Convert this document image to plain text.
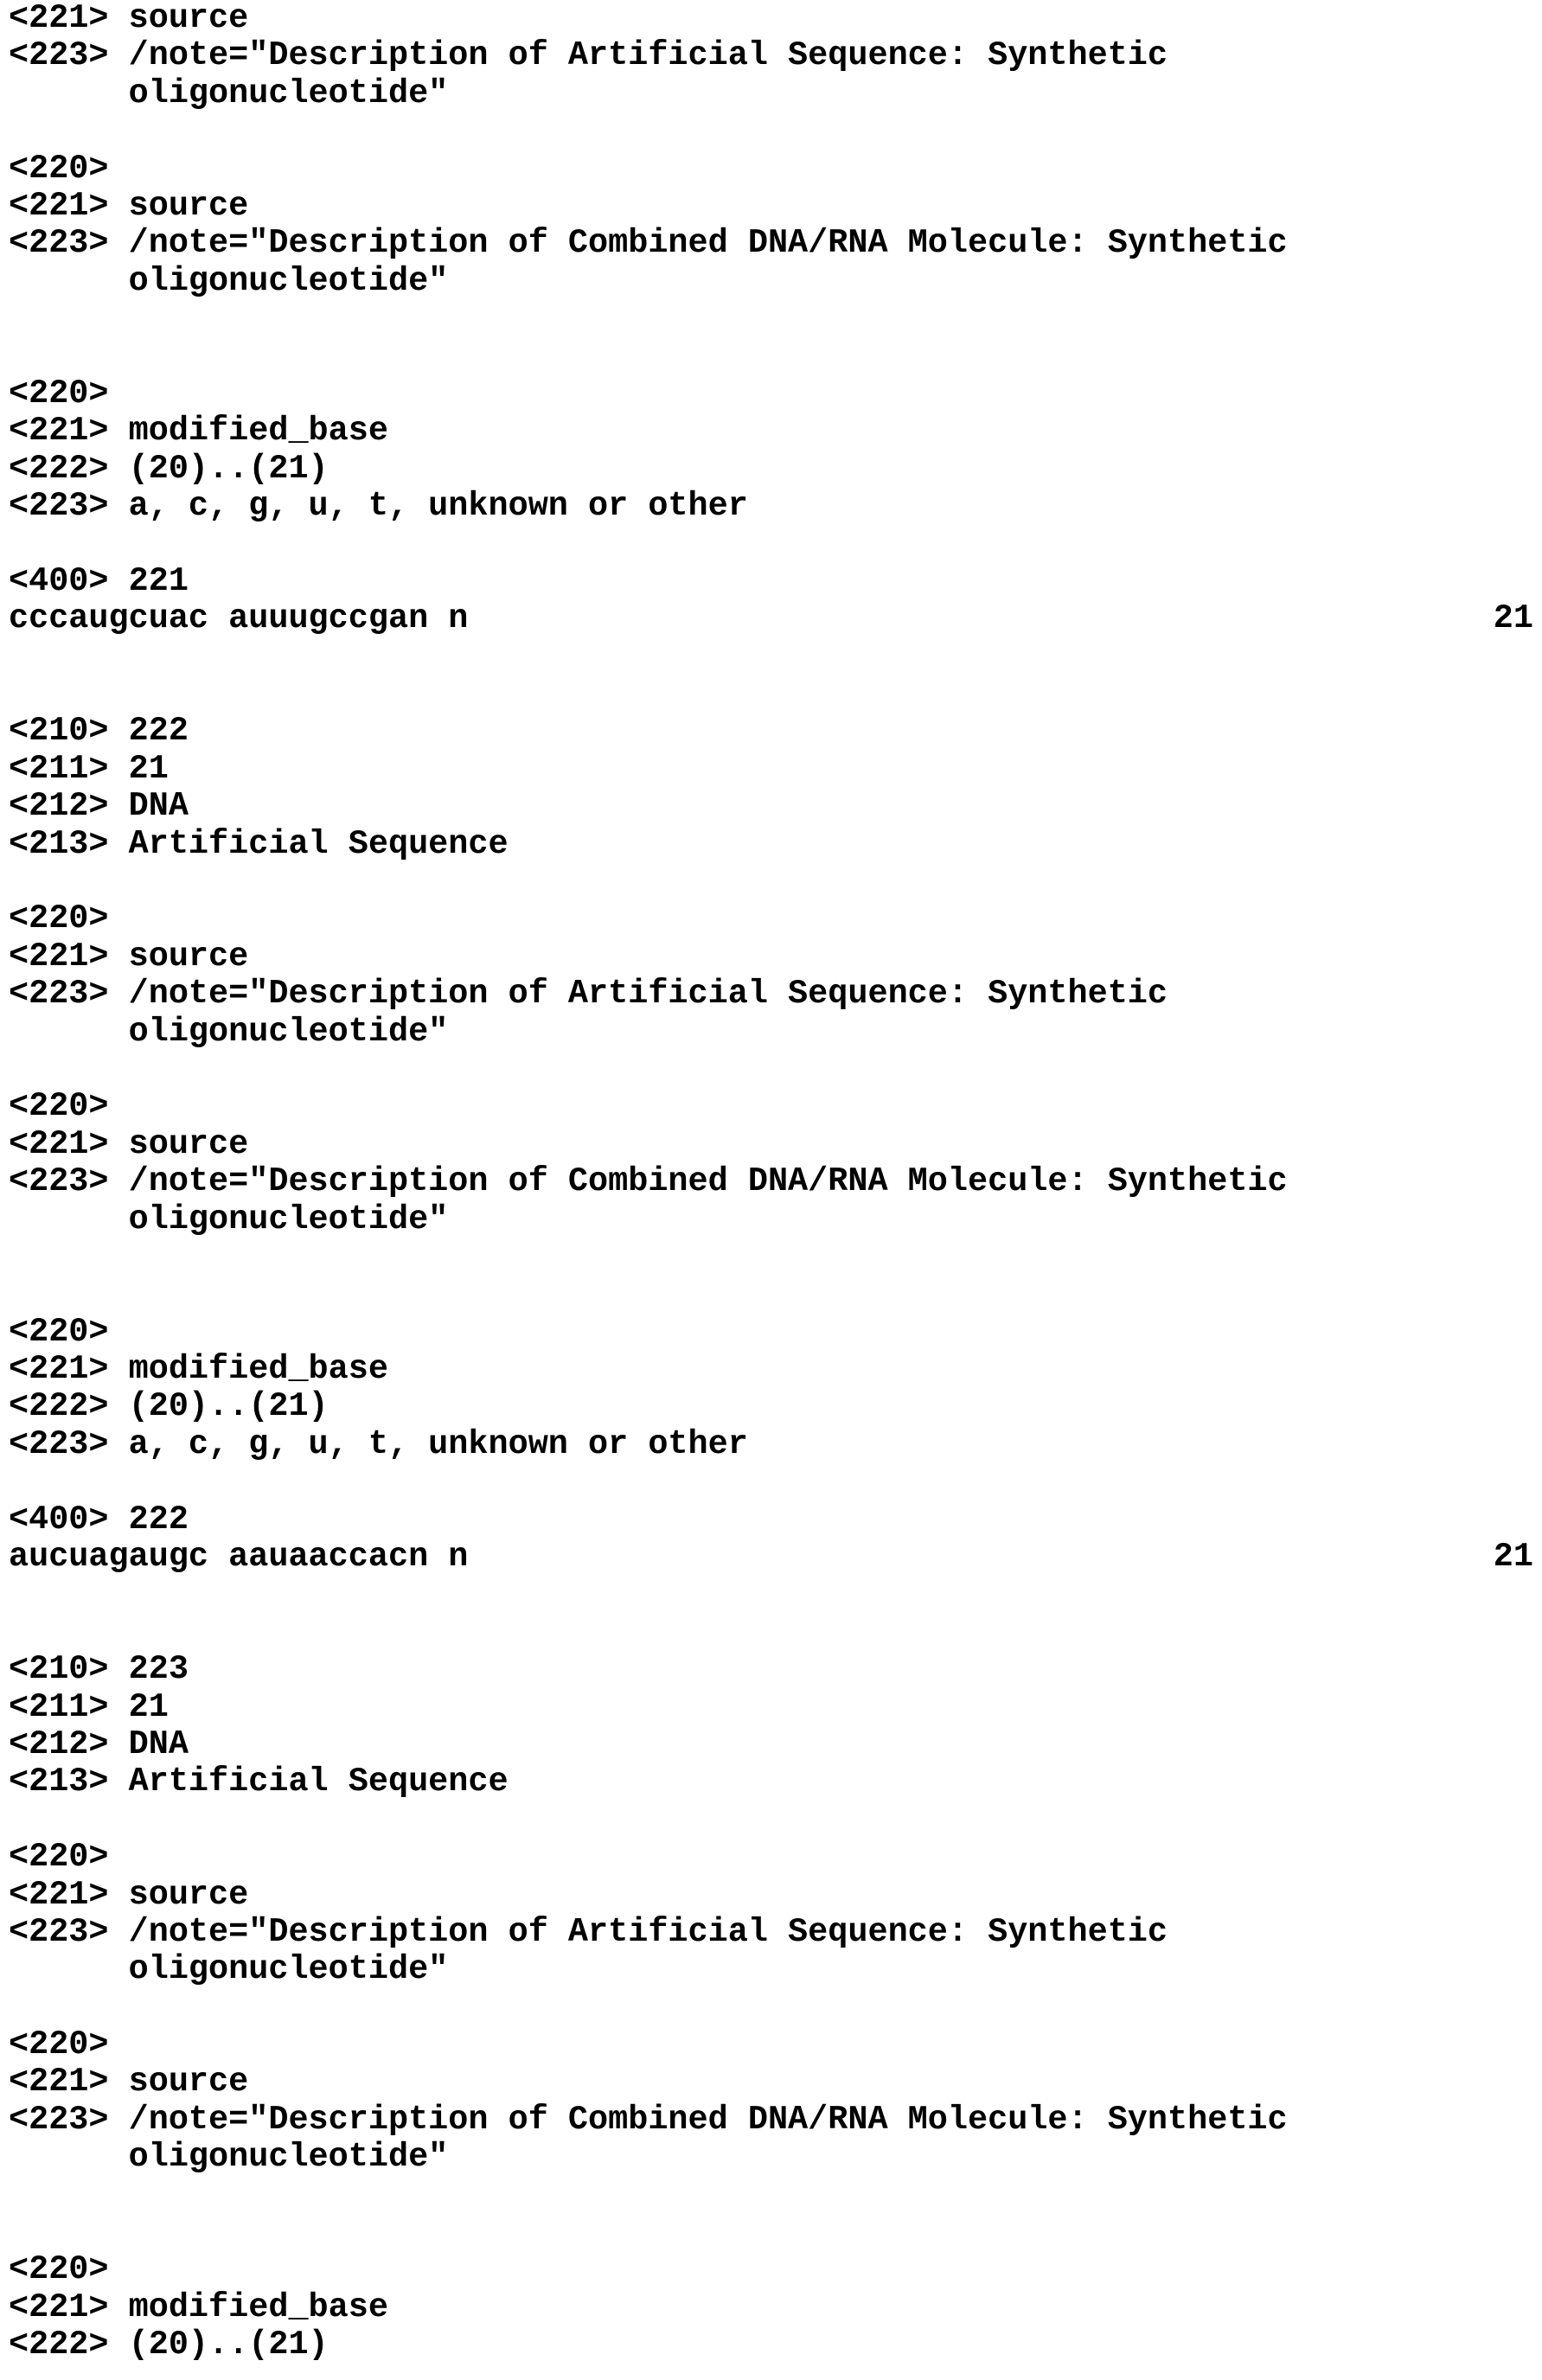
<221> source
<223> /note="Description of Artificial Sequence: Synthetic
oligonucleotide"
<220>
<221> source
<223> /note="Description of Combined DNA/RNA Molecule: Synthetic
oligonucleotide"
<220>
<221> modified_base
<222> (20)..(21)
<223> a, c, g, u, t, unknown or other
<400> 221
cccaugcuac auuugccgan n	21
<210> 222
<211> 21
<212> DNA
<213> Artificial Sequence
<220>
<221> source
<223> /note="Description of Artificial Sequence: Synthetic
oligonucleotide"
<220>
<221> source
<223> /note="Description of Combined DNA/RNA Molecule: Synthetic
oligonucleotide"
<220>
<221> modified_base
<222> (20)..(21)
<223> a, c, g, u, t, unknown or other
<400> 222
aucuagaugc aauaaccacn n	21
<210> 223
<211> 21
<212> DNA
<213> Artificial Sequence
<220>
<221> source
<223> /note="Description of Artificial Sequence: Synthetic
oligonucleotide"
<220>
<221> source
<223> /note="Description of Combined DNA/RNA Molecule: Synthetic
oligonucleotide"
<220>
<221> modified_base
<222> (20)..(21)
